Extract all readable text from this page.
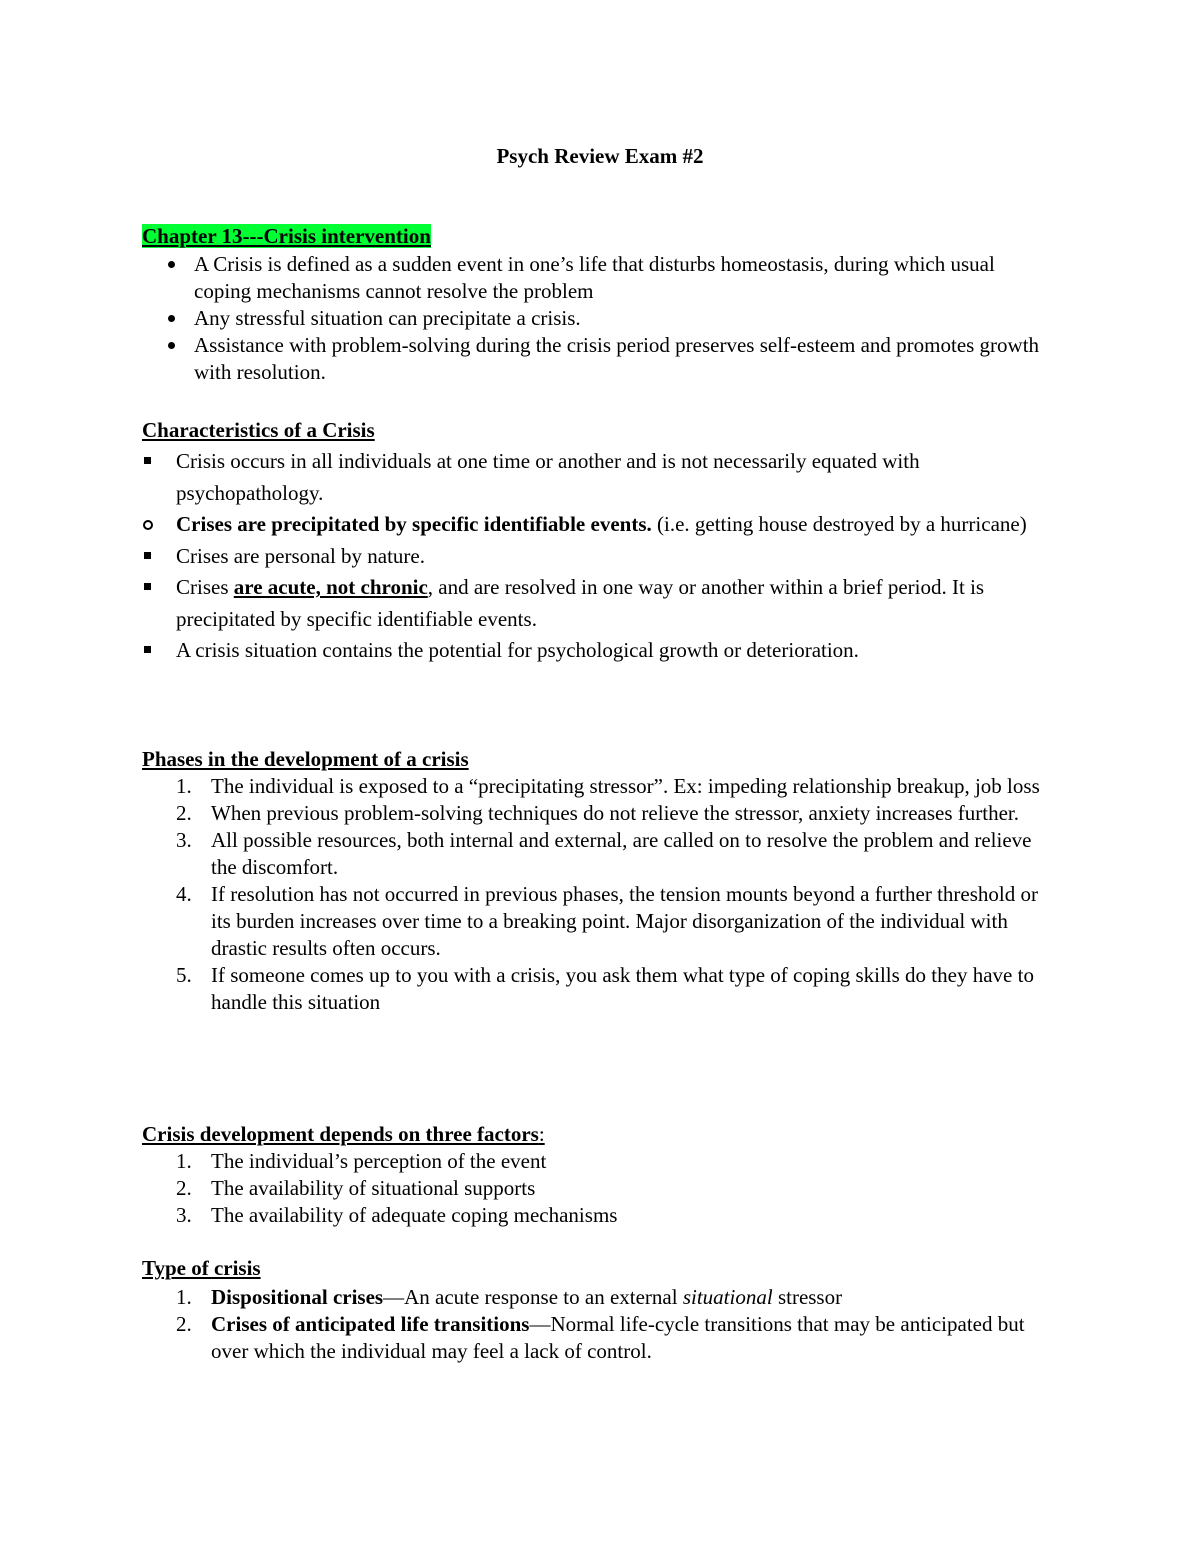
Psych Review Exam #2
Chapter 13---Crisis intervention
A Crisis is defined as a sudden event in one’s life that disturbs homeostasis, during which usual coping mechanisms cannot resolve the problem
Any stressful situation can precipitate a crisis.
Assistance with problem-solving during the crisis period preserves self-esteem and promotes growth with resolution.
Characteristics of a Crisis
Crisis occurs in all individuals at one time or another and is not necessarily equated with psychopathology.
Crises are precipitated by specific identifiable events. (i.e. getting house destroyed by a hurricane)
Crises are personal by nature.
Crises are acute, not chronic, and are resolved in one way or another within a brief period. It is precipitated by specific identifiable events.
A crisis situation contains the potential for psychological growth or deterioration.
Phases in the development of a crisis
1. The individual is exposed to a “precipitating stressor”. Ex: impeding relationship breakup, job loss
2. When previous problem-solving techniques do not relieve the stressor, anxiety increases further.
3. All possible resources, both internal and external, are called on to resolve the problem and relieve the discomfort.
4. If resolution has not occurred in previous phases, the tension mounts beyond a further threshold or its burden increases over time to a breaking point. Major disorganization of the individual with drastic results often occurs.
5. If someone comes up to you with a crisis, you ask them what type of coping skills do they have to handle this situation
Crisis development depends on three factors:
1. The individual’s perception of the event
2. The availability of situational supports
3. The availability of adequate coping mechanisms
Type of crisis
1. Dispositional crises—An acute response to an external situational stressor
2. Crises of anticipated life transitions—Normal life-cycle transitions that may be anticipated but over which the individual may feel a lack of control.
